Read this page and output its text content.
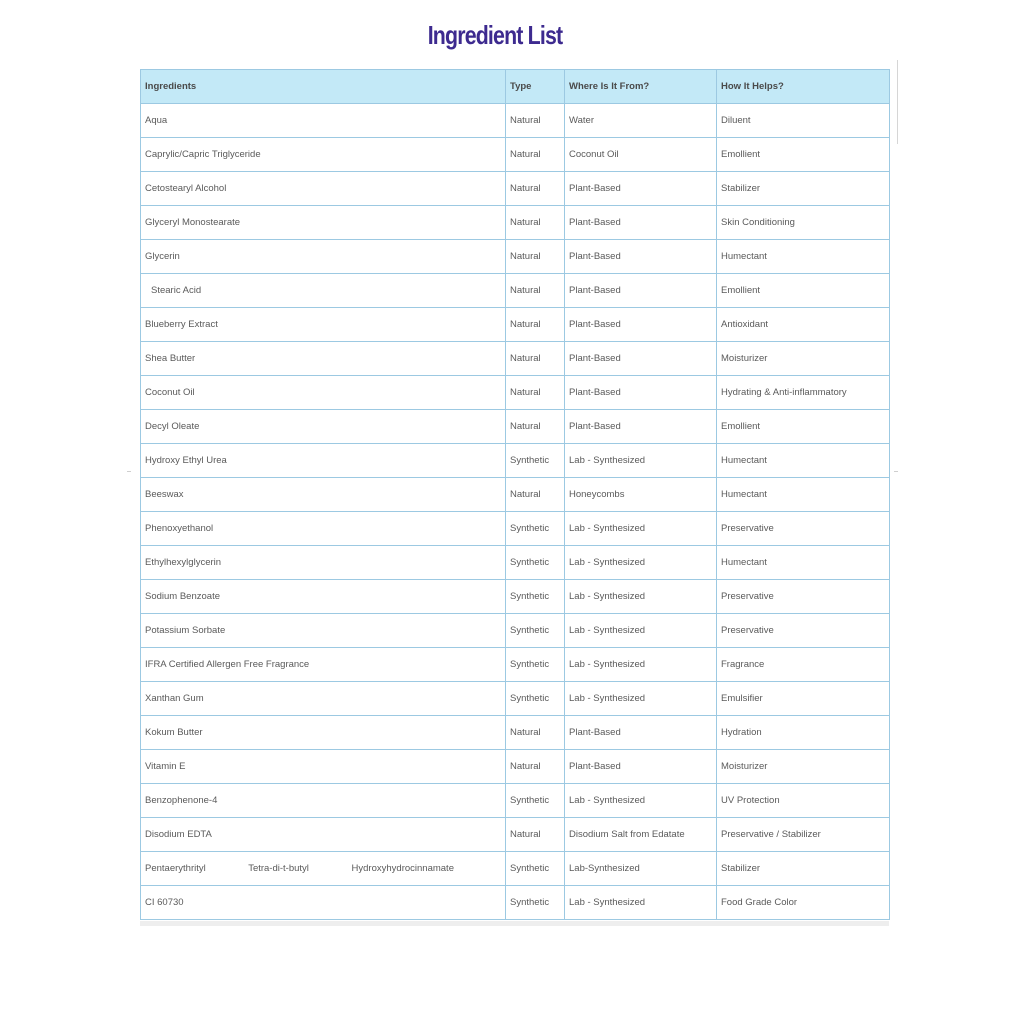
Ingredient List
Ingredients	Type	Where Is It From?	How It Helps?
Aqua	Natural	Water	Diluent
Caprylic/Capric Triglyceride	Natural	Coconut Oil	Emollient
Cetostearyl Alcohol	Natural	Plant-Based	Stabilizer
Glyceryl Monostearate	Natural	Plant-Based	Skin Conditioning
Glycerin	Natural	Plant-Based	Humectant
Stearic Acid	Natural	Plant-Based	Emollient
Blueberry Extract	Natural	Plant-Based	Antioxidant
Shea Butter	Natural	Plant-Based	Moisturizer
Coconut Oil	Natural	Plant-Based	Hydrating & Anti-inflammatory
Decyl Oleate	Natural	Plant-Based	Emollient
Hydroxy Ethyl Urea	Synthetic	Lab - Synthesized	Humectant
Beeswax	Natural	Honeycombs	Humectant
Phenoxyethanol	Synthetic	Lab - Synthesized	Preservative
Ethylhexylglycerin	Synthetic	Lab - Synthesized	Humectant
Sodium Benzoate	Synthetic	Lab - Synthesized	Preservative
Potassium Sorbate	Synthetic	Lab - Synthesized	Preservative
IFRA Certified Allergen Free Fragrance	Synthetic	Lab - Synthesized	Fragrance
Xanthan Gum	Synthetic	Lab - Synthesized	Emulsifier
Kokum Butter	Natural	Plant-Based	Hydration
Vitamin E	Natural	Plant-Based	Moisturizer
Benzophenone-4	Synthetic	Lab - Synthesized	UV Protection
Disodium EDTA	Natural	Disodium Salt from Edatate	Preservative / Stabilizer
Pentaerythrityl Tetra-di-t-butyl Hydroxyhydrocinnamate	Synthetic	Lab-Synthesized	Stabilizer
CI 60730	Synthetic	Lab - Synthesized	Food Grade Color
